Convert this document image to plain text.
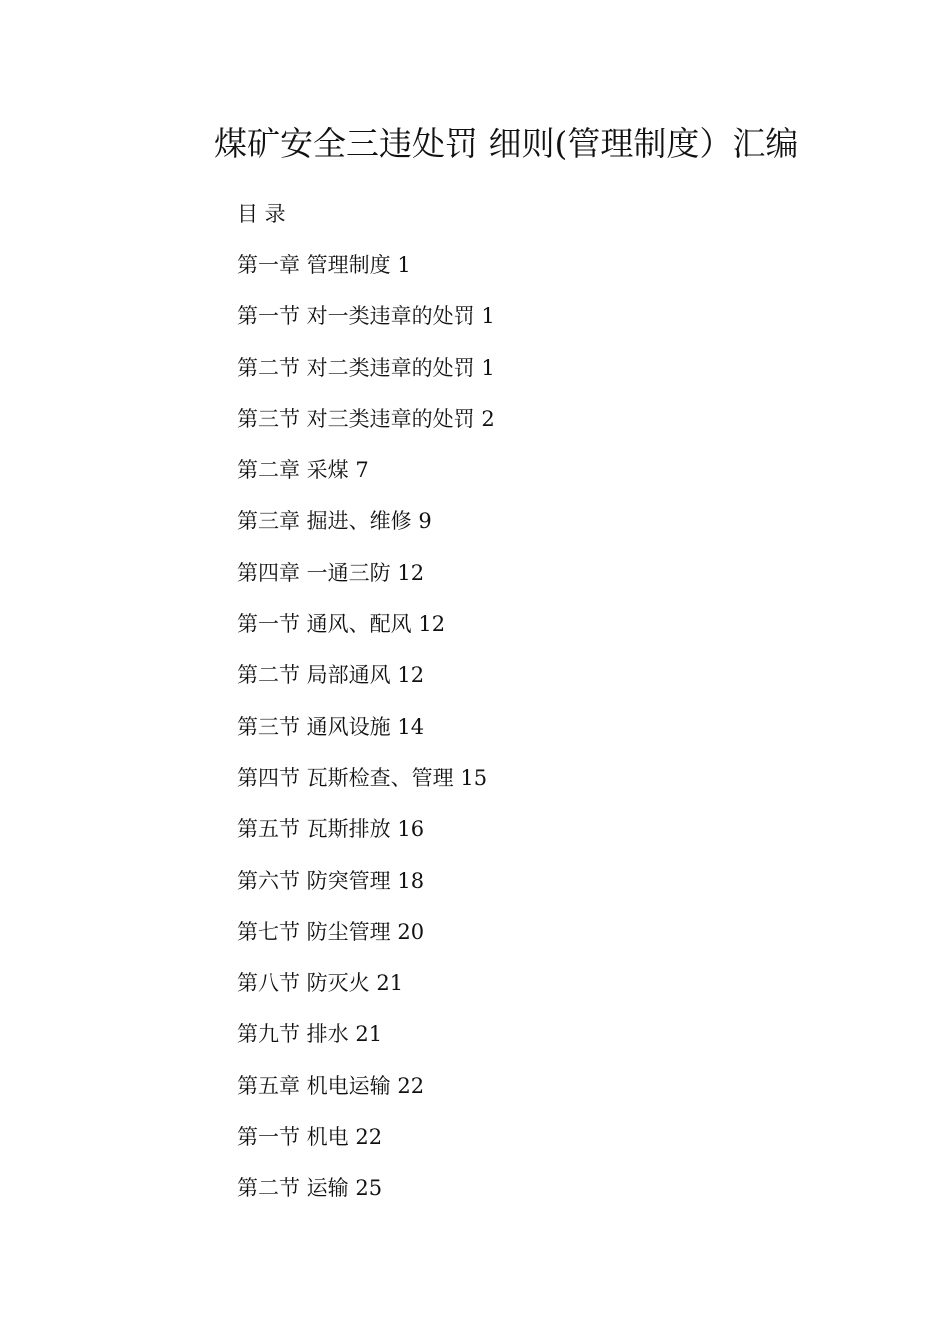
煤矿安全三违处罚 细则(管理制度）汇编
目 录
第一章 管理制度 1
第一节 对一类违章的处罚 1
第二节 对二类违章的处罚 1
第三节 对三类违章的处罚 2
第二章 采煤 7
第三章 掘进、维修 9
第四章 一通三防 12
第一节 通风、配风 12
第二节 局部通风 12
第三节 通风设施 14
第四节 瓦斯检查、管理 15
第五节 瓦斯排放 16
第六节 防突管理 18
第七节 防尘管理 20
第八节 防灭火 21
第九节 排水 21
第五章 机电运输 22
第一节 机电 22
第二节 运输 25
